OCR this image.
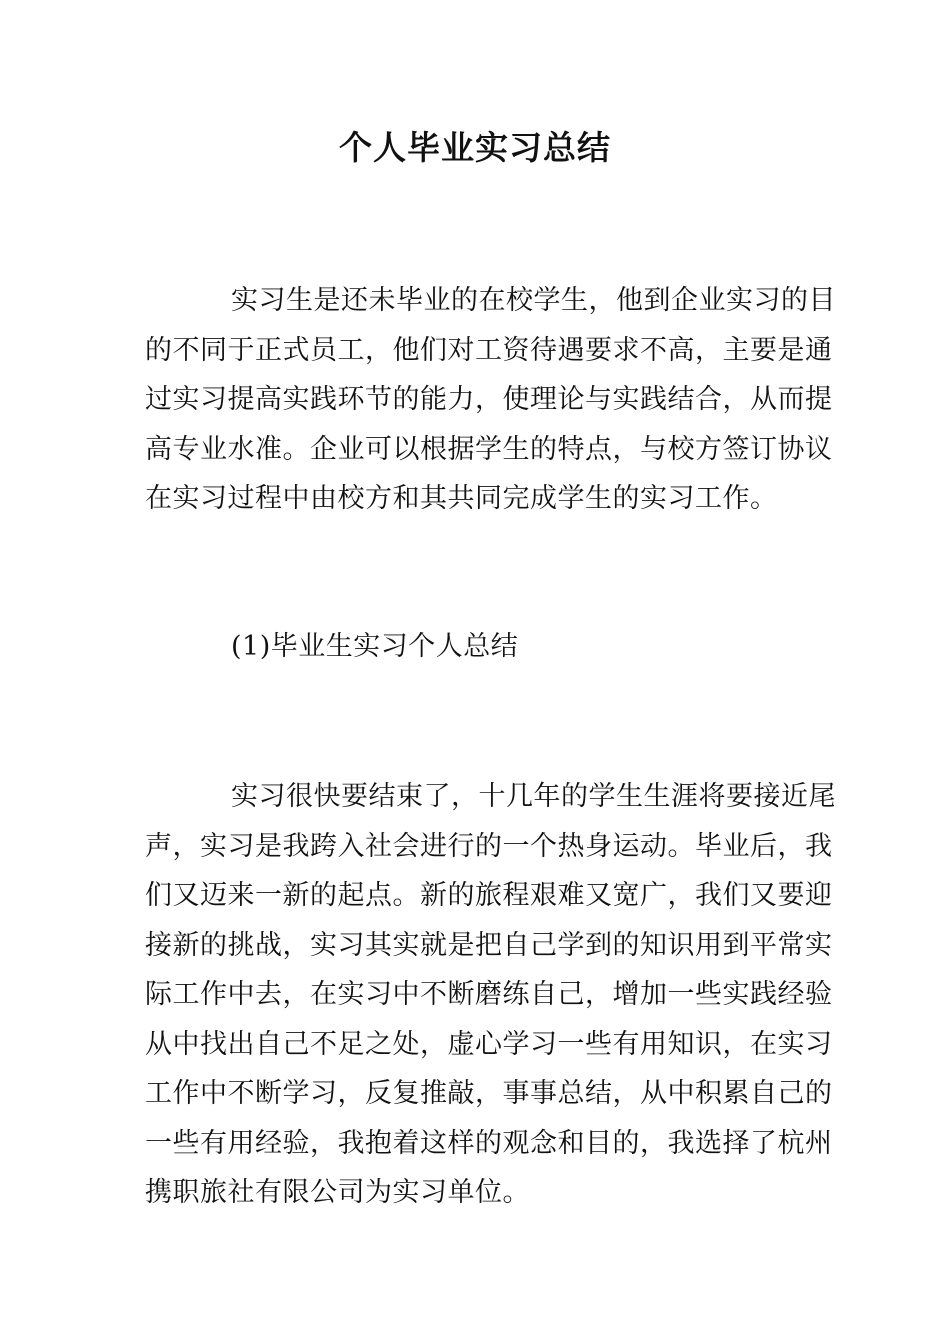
个人毕业实习总结
实习生是还未毕业的在校学生，他到企业实习的目
的不同于正式员工，他们对工资待遇要求不高，主要是通
过实习提高实践环节的能力，使理论与实践结合，从而提
高专业水准。企业可以根据学生的特点，与校方签订协议
在实习过程中由校方和其共同完成学生的实习工作。
(1)毕业生实习个人总结
实习很快要结束了，十几年的学生生涯将要接近尾
声，实习是我跨入社会进行的一个热身运动。毕业后，我
们又迈来一新的起点。新的旅程艰难又宽广，我们又要迎
接新的挑战，实习其实就是把自己学到的知识用到平常实
际工作中去，在实习中不断磨练自己，增加一些实践经验
从中找出自己不足之处，虚心学习一些有用知识，在实习
工作中不断学习，反复推敲，事事总结，从中积累自己的
一些有用经验，我抱着这样的观念和目的，我选择了杭州
携职旅社有限公司为实习单位。
